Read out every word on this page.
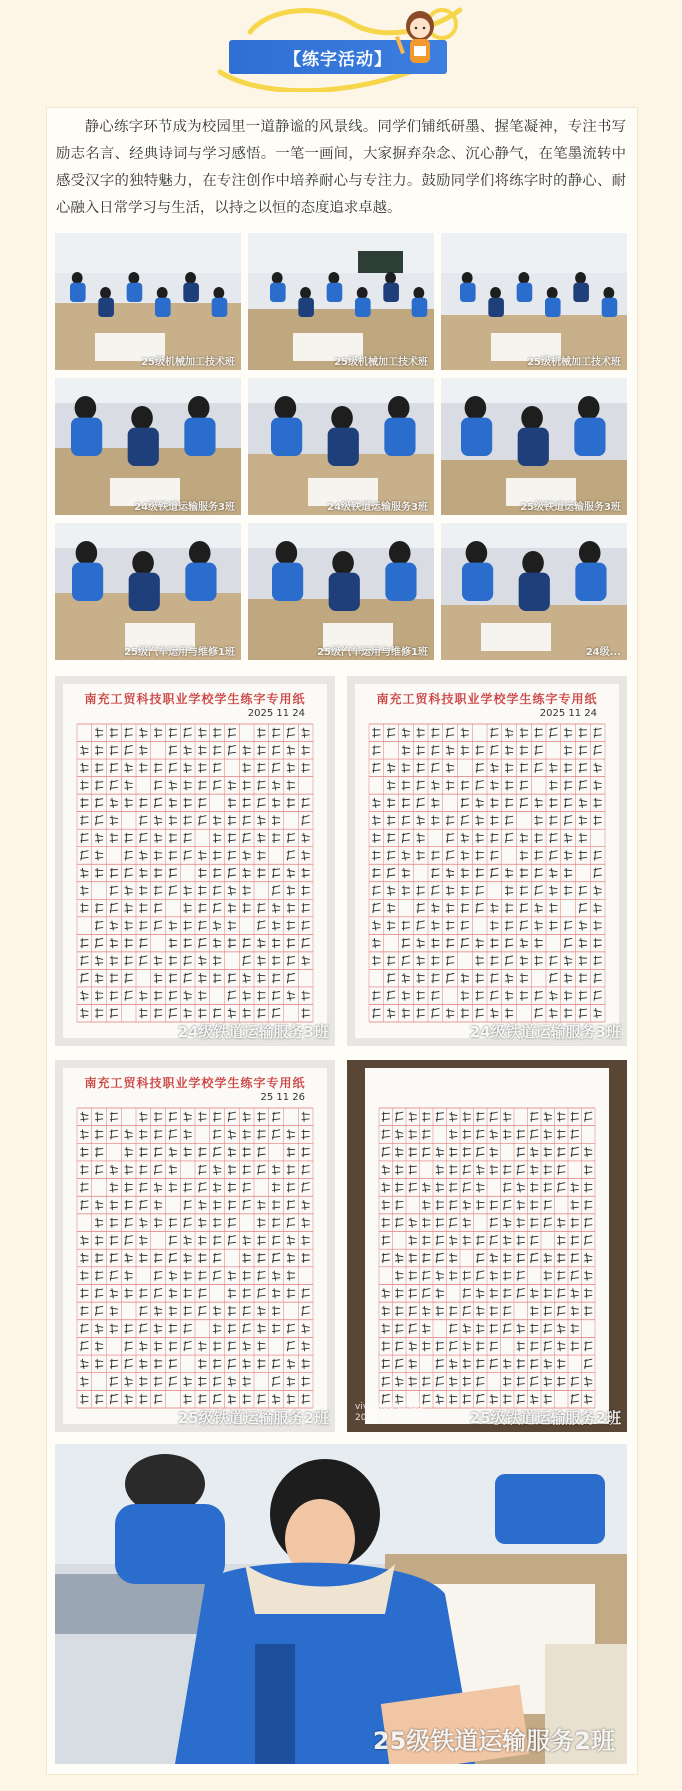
【练字活动】

静心练字环节成为校园里一道静谧的风景线。同学们铺纸研墨、握笔凝神，专注书写励志名言、经典诗词与学习感悟。一笔一画间，大家摒弃杂念、沉心静气，在笔墨流转中感受汉字的独特魅力，在专注创作中培养耐心与专注力。鼓励同学们将练字时的静心、耐心融入日常学习与生活，以持之以恒的态度追求卓越。

25级机械加工技术班	25级机械加工技术班	25级机械加工技术班
24级铁道运输服务3班	24级铁道运输服务3班	25级铁道运输服务3班
25级汽车运用与维修1班	25级汽车运用与维修1班	24级...
南充工贸科技职业学校学生练字专用纸
2025 11 24
24级铁道运输服务3班
南充工贸科技职业学校学生练字专用纸
2025 11 24
24级铁道运输服务3班
南充工贸科技职业学校学生练字专用纸
25 11 26
25级铁道运输服务2班
vivo X60 ZEISS
2025.11.26 10:13 25级铁道运输服务2班
25级铁道运输服务2班
